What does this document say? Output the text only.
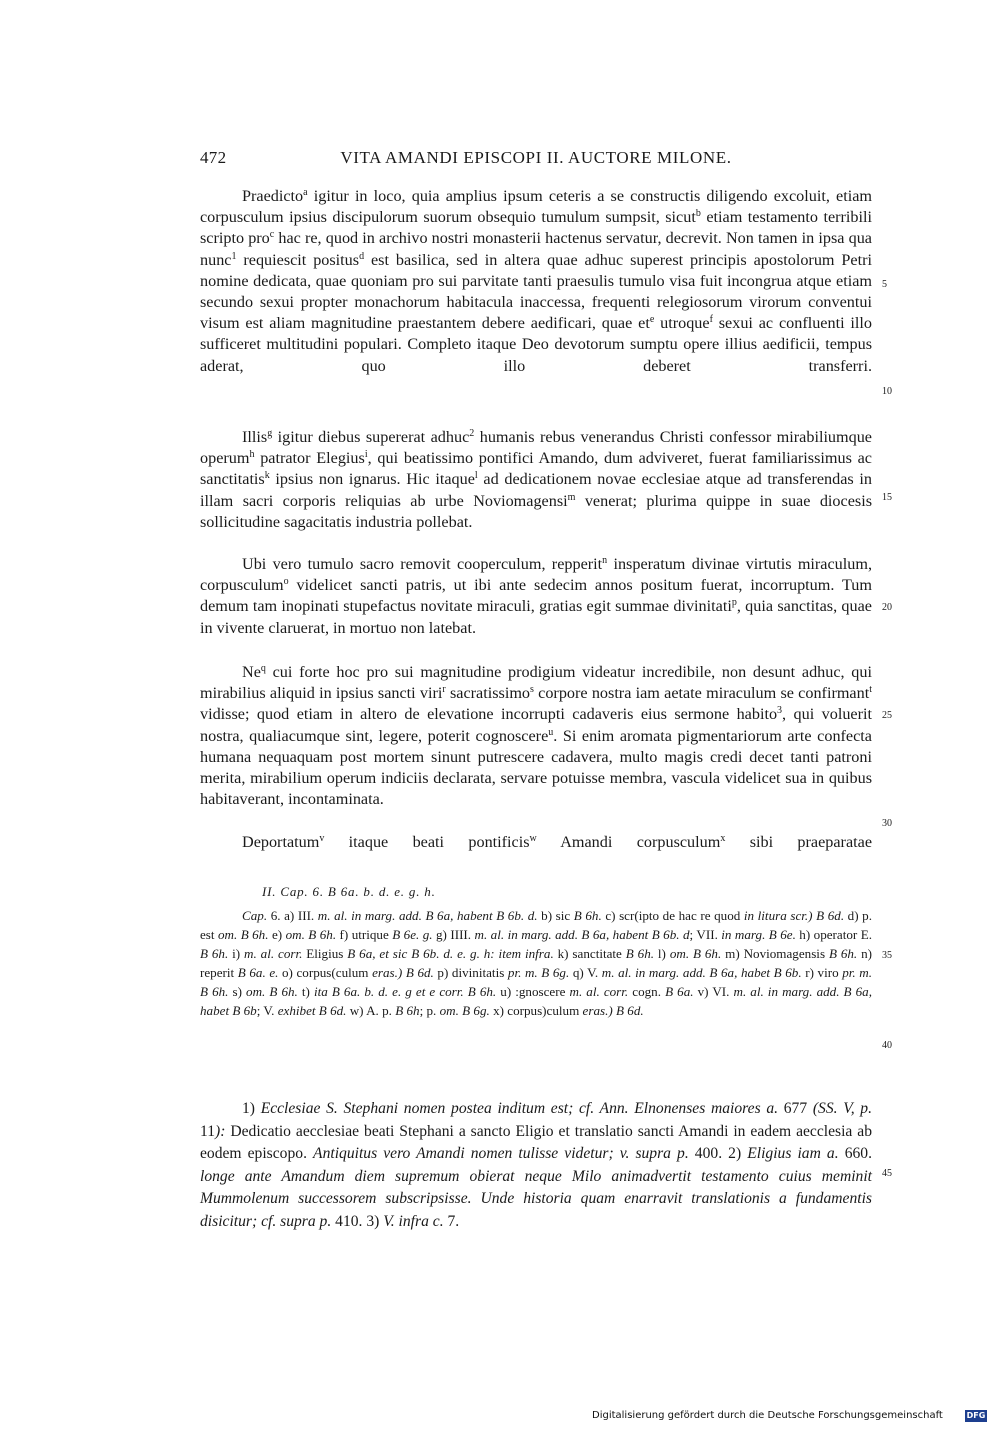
472	VITA AMANDI EPISCOPI II. AUCTORE MILONE.

Praedicto$^a$ igitur in loco, quia amplius ipsum ceteris a se constructis diligendo excoluit, etiam corpusculum ipsius discipulorum suorum obsequio tumulum sumpsit, sicut$^b$ etiam testamento terribili scripto pro$^c$ hac re, quod in archivo nostri monasterii hactenus servatur, decrevit. Non tamen in ipsa qua nunc$^1$ requiescit positus$^d$ est basilica, sed in altera quae adhuc superest principis apostolorum Petri nomine dedicata, quae quoniam pro sui parvitate tanti praesulis tumulo visa fuit incongrua atque etiam secundo sexui propter monachorum habitacula inaccessa, frequenti relegiosorum virorum conventui visum est aliam magnitudine praestantem debere aedificari, quae $et^e$ utroque$^f$ sexui ac confluenti illo sufficeret multitudini populari. Completo itaque Deo devotorum sumptu opere illius aedificii, tempus aderat, quo illo deberet transferri.

Illis$^g$ igitur diebus supererat adhuc$^2$ humanis rebus venerandus Christi confessor mirabiliumque operum$^h$ patrator Elegius$^i$, qui beatissimo pontifici Amando, dum adviveret, fuerat familiarissimus ac sanctitatis$^k$ ipsius non ignarus. Hic itaque$^l$ ad dedicationem novae ecclesiae atque ad transferendas in illam sacri corporis reliquias ab urbe Noviomagensi$^m$ venerat; plurima quippe in suae diocesis sollicitudine sagacitatis industria pollebat.

Ubi vero tumulo sacro removit cooperculum, repperit$^n$ insperatum divinae virtutis miraculum, corpusculum$^o$ videlicet sancti patris, ut ibi ante sedecim annos positum fuerat, incorruptum. Tum demum tam inopinati stupefactus novitate miraculi, gratias egit summae divinitati$^p$, quia sanctitas, quae in vivente claruerat, in mortuo non latebat.

Ne$^q$ cui forte hoc pro sui magnitudine prodigium videatur incredibile, non desunt adhuc, qui mirabilius aliquid in ipsius sancti viri$^r$ sacratissimo$^s$ corpore nostra iam aetate miraculum se confirmant$^t$ vidisse; quod etiam in altero de elevatione incorrupti cadaveris eius sermone habito$^3$, qui voluerit nostra, qualiacumque sint, legere, poterit cognoscere$^u$. Si enim aromata pigmentariorum arte confecta humana nequaquam post mortem sinunt putrescere cadavera, multo magis credi decet tanti patroni merita, mirabilium operum indiciis declarata, servare potuisse membra, vascula videlicet sua in quibus habitaverant, incontaminata.

Deportatum$^v$ itaque beati pontificis$^w$ Amandi corpusculum$^x$ sibi praeparatae

5
10
15
20
25
30
35
40
45
II. Cap. 6. B 6a. b. d. e. g. h.

Cap. 6. a) III. m. al. in marg. add. B 6a, habent B 6b. d. b) sic B 6h. c) scr(ipto de hac re quod in litura scr.) B 6d. d) p. est om. B 6h. e) om. B 6h. f) utrique B 6e. g. g) IIII. m. al. in marg. add. B 6a, habent B 6b. d; VII. in marg. B 6e. h) operator E. B 6h. i) m. al. corr. Eligius B 6a, et sic B 6b. d. e. g. h: item infra. k) sanctitate B 6h. l) om. B 6h. m) Noviomagensis B 6h. n) reperit B 6a. e. o) corpus(culum eras.) B 6d. p) divinitatis pr. m. B 6g. q) V. m. al. in marg. add. B 6a, habet B 6b. r) viro pr. m. B 6h. s) om. B 6h. t) ita B 6a. b. d. e. g et e corr. B 6h. u) :gnoscere m. al. corr. cogn. B 6a. v) VI. m. al. in marg. add. B 6a, habet B 6b; V. exhibet B 6d. w) A. p. B 6h; p. om. B 6g. x) corpus)culum eras.) B 6d.

1) Ecclesiae S. Stephani nomen postea inditum est; cf. Ann. Elnonenses maiores a. 677 (SS. V, p. 11): Dedicatio aecclesiae beati Stephani a sancto Eligio et translatio sancti Amandi in eadem aecclesia ab eodem episcopo. Antiquitus vero Amandi nomen tulisse videtur; v. supra p. 400. 2) Eligius iam a. 660. longe ante Amandum diem supremum obierat neque Milo animadvertit testamento cuius meminit Mummolenum successorem subscripsisse. Unde historia quam enarravit translationis a fundamentis disicitur; cf. supra p. 410. 3) V. infra c. 7.

Digitalisierung gefördert durch die Deutsche Forschungsgemeinschaft	DFG
